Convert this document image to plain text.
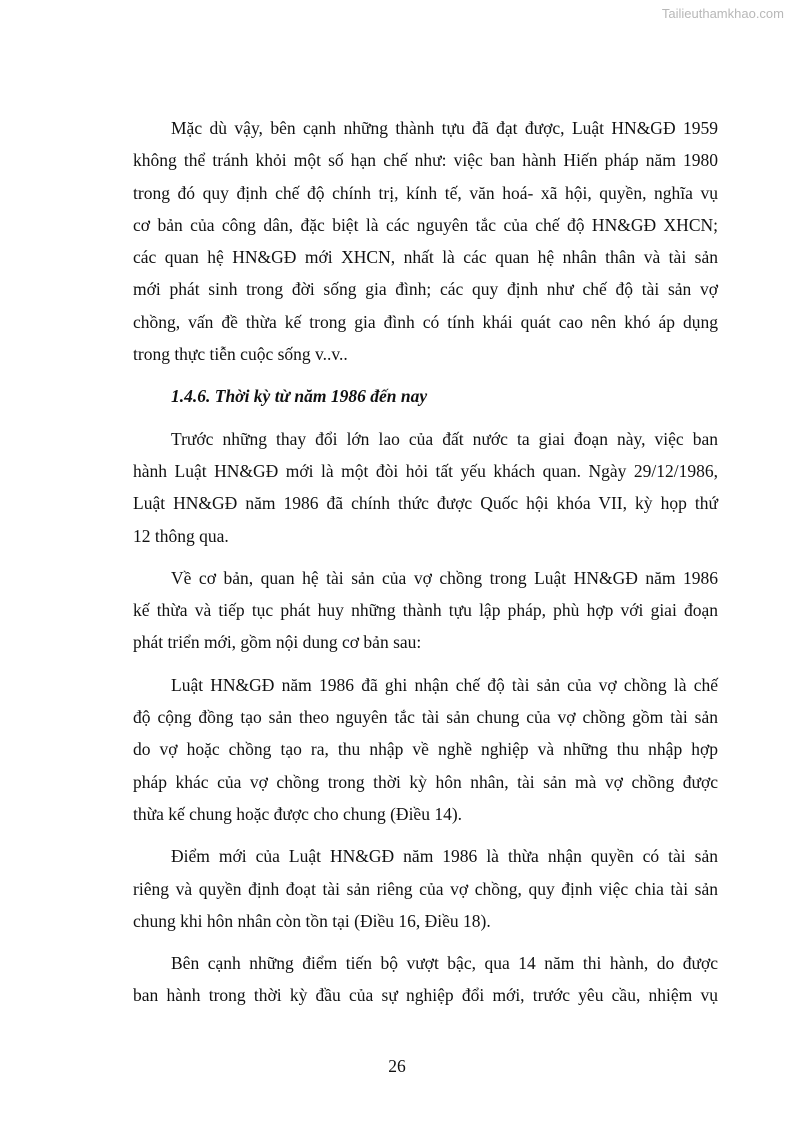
Tailieuthamkhao.com
Mặc dù vậy, bên cạnh những thành tựu đã đạt được, Luật HN&GĐ 1959
không thể tránh khỏi một số hạn chế như: việc ban hành Hiến pháp năm 1980
trong đó quy định chế độ chính trị, kính tế, văn hoá- xã hội, quyền, nghĩa vụ
cơ bản của công dân, đặc biệt là các nguyên tắc của chế độ HN&GĐ XHCN;
các quan hệ HN&GĐ mới XHCN, nhất là các quan hệ nhân thân và tài sản
mới phát sinh trong đời sống gia đình; các quy định như chế độ tài sản vợ
chồng, vấn đề thừa kế trong gia đình có tính khái quát cao nên khó áp dụng
trong thực tiễn cuộc sống v..v..
1.4.6. Thời kỳ từ năm 1986 đến nay
Trước những thay đổi lớn lao của đất nước ta giai đoạn này, việc ban
hành Luật HN&GĐ mới là một đòi hỏi tất yếu khách quan. Ngày 29/12/1986,
Luật HN&GĐ năm 1986 đã chính thức được Quốc hội khóa VII, kỳ họp thứ
12 thông qua.
Về cơ bản, quan hệ tài sản của vợ chồng trong Luật HN&GĐ năm 1986
kế thừa và tiếp tục phát huy những thành tựu lập pháp, phù hợp với giai đoạn
phát triển mới, gồm nội dung cơ bản sau:
Luật HN&GĐ năm 1986 đã ghi nhận chế độ tài sản của vợ chồng là chế
độ cộng đồng tạo sản theo nguyên tắc tài sản chung của vợ chồng gồm tài sản
do vợ hoặc chồng tạo ra, thu nhập về nghề nghiệp và những thu nhập hợp
pháp khác của vợ chồng trong thời kỳ hôn nhân, tài sản mà vợ chồng được
thừa kế chung hoặc được cho chung (Điều 14).
Điểm mới của Luật HN&GĐ năm 1986 là thừa nhận quyền có tài sản
riêng và quyền định đoạt tài sản riêng của vợ chồng, quy định việc chia tài sản
chung khi hôn nhân còn tồn tại (Điều 16, Điều 18).
Bên cạnh những điểm tiến bộ vượt bậc, qua 14 năm thi hành, do được
ban hành trong thời kỳ đầu của sự nghiệp đổi mới, trước yêu cầu, nhiệm vụ
26
